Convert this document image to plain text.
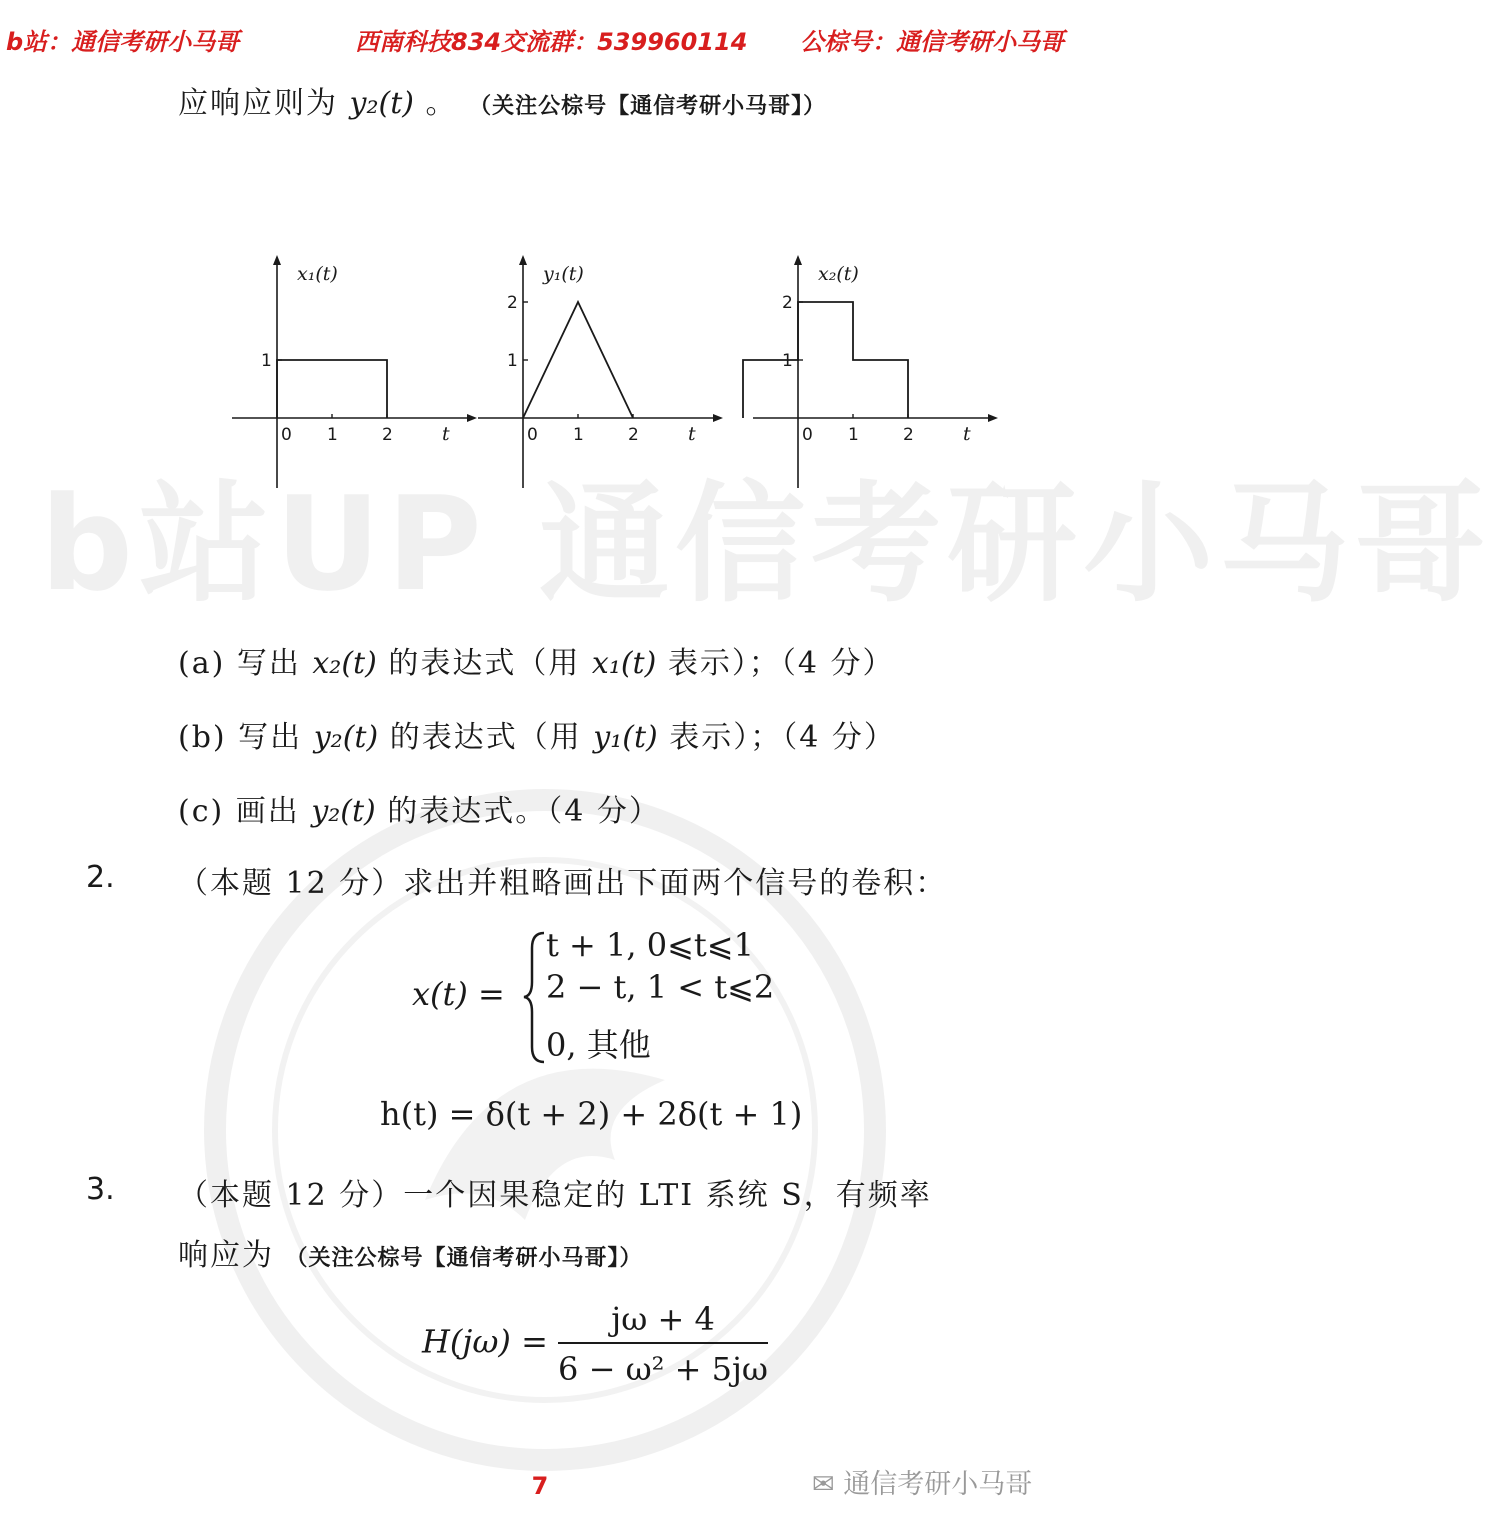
b站：通信考研小马哥	西南科技834交流群：539960114 公棕号：通信考研小马哥
b站UP 通信考研小马哥
应响应则为 y₂(t) 。 （关注公棕号【通信考研小马哥】）
x₁(t)
t
0 1	2
1
y₁(t)
t
0 1	2
1
2
x₂(t)
t
0 1	2
1
2
(a) 写出 x₂(t) 的表达式（用 x₁(t) 表示）；（4 分）
(b) 写出 y₂(t) 的表达式（用 y₁(t) 表示）；（4 分）
(c) 画出 y₂(t) 的表达式。（4 分）
2. （本题 12 分）求出并粗略画出下面两个信号的卷积：
x(t) =
t + 1, 0⩽t⩽1
2 − t, 1 < t⩽2
0, 其他
h(t) = δ(t + 2) + 2δ(t + 1)
3. （本题 12 分）一个因果稳定的 LTI 系统 S，有频率
响应为 （关注公棕号【通信考研小马哥】）
$H(j\omega) = \frac{j\omega + 4}{\text{6 − ω² + 5jω}}$
7	✉ 通信考研小马哥
